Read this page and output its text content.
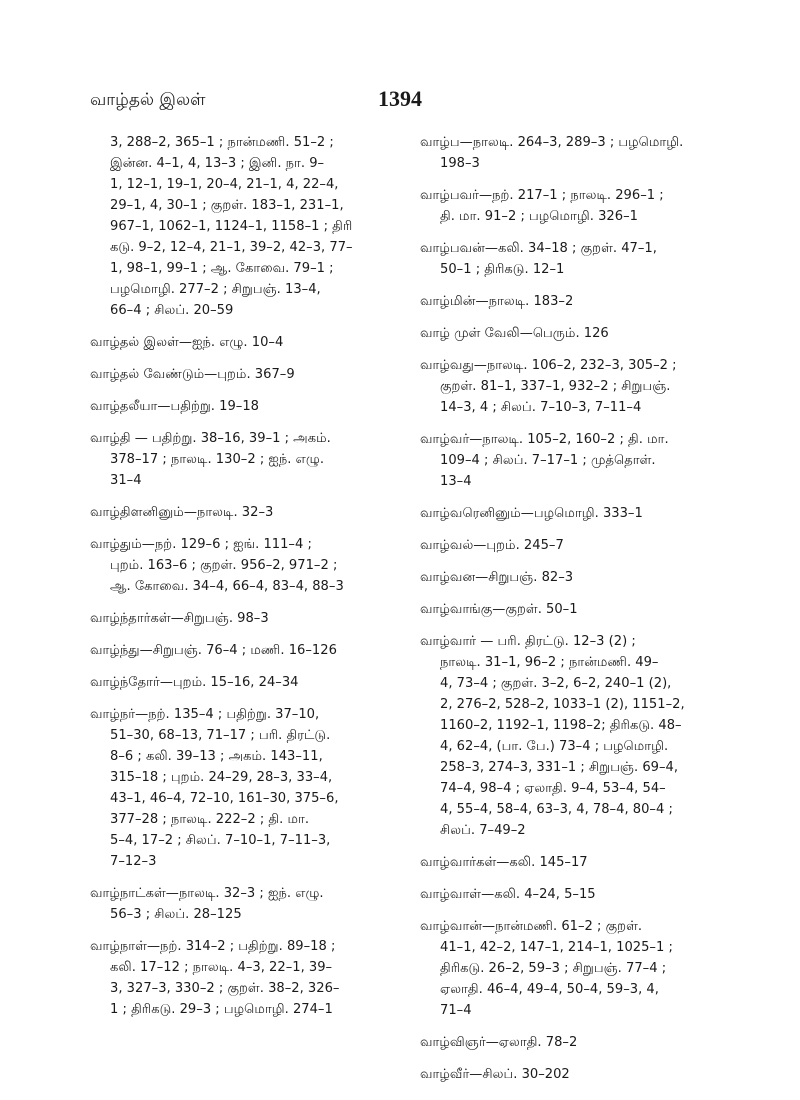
வாழ்தல் இலள்	1394
3, 288–2, 365–1 ; நான்மணி. 51–2 ;
இன்ன. 4–1, 4, 13–3 ; இனி. நா. 9–
1, 12–1, 19–1, 20–4, 21–1, 4, 22–4,
29–1, 4, 30–1 ; குறள். 183–1, 231–1,
967–1, 1062–1, 1124–1, 1158–1 ; திரி
கடு. 9–2, 12–4, 21–1, 39–2, 42–3, 77–
1, 98–1, 99–1 ; ஆ. கோவை. 79–1 ;
பழமொழி. 277–2 ; சிறுபஞ். 13–4,
66–4 ; சிலப். 20–59
வாழ்தல் இலள்—ஐந். எழு. 10–4
வாழ்தல் வேண்டும்—புறம். 367–9
வாழ்தலீயா—பதிற்று. 19–18
வாழ்தி — பதிற்று. 38–16, 39–1 ; அகம்.
378–17 ; நாலடி. 130–2 ; ஐந். எழு.
31–4
வாழ்திளனினும்—நாலடி. 32–3
வாழ்தும்—நற். 129–6 ; ஐங். 111–4 ;
புறம். 163–6 ; குறள். 956–2, 971–2 ;
ஆ. கோவை. 34–4, 66–4, 83–4, 88–3
வாழ்ந்தார்கள்—சிறுபஞ். 98–3
வாழ்ந்து—சிறுபஞ். 76–4 ; மணி. 16–126
வாழ்ந்தோர்—புறம். 15–16, 24–34
வாழ்நர்—நற். 135–4 ; பதிற்று. 37–10,
51–30, 68–13, 71–17 ; பரி. திரட்டு.
8–6 ; கலி. 39–13 ; அகம். 143–11,
315–18 ; புறம். 24–29, 28–3, 33–4,
43–1, 46–4, 72–10, 161–30, 375–6,
377–28 ; நாலடி. 222–2 ; தி. மா.
5–4, 17–2 ; சிலப். 7–10–1, 7–11–3,
7–12–3
வாழ்நாட்கள்—நாலடி. 32–3 ; ஐந். எழு.
56–3 ; சிலப். 28–125
வாழ்நாள்—நற். 314–2 ; பதிற்று. 89–18 ;
கலி. 17–12 ; நாலடி. 4–3, 22–1, 39–
3, 327–3, 330–2 ; குறள். 38–2, 326–
1 ; திரிகடு. 29–3 ; பழமொழி. 274–1
வாழ்ப—நாலடி. 264–3, 289–3 ; பழமொழி.
198–3
வாழ்பவர்—நற். 217–1 ; நாலடி. 296–1 ;
தி. மா. 91–2 ; பழமொழி. 326–1
வாழ்பவன்—கலி. 34–18 ; குறள். 47–1,
50–1 ; திரிகடு. 12–1
வாழ்மின்—நாலடி. 183–2
வாழ் முள் வேலி—பெரும். 126
வாழ்வது—நாலடி. 106–2, 232–3, 305–2 ;
குறள். 81–1, 337–1, 932–2 ; சிறுபஞ்.
14–3, 4 ; சிலப். 7–10–3, 7–11–4
வாழ்வர்—நாலடி. 105–2, 160–2 ; தி. மா.
109–4 ; சிலப். 7–17–1 ; முத்தொள்.
13–4
வாழ்வரெனினும்—பழமொழி. 333–1
வாழ்வல்—புறம். 245–7
வாழ்வன—சிறுபஞ். 82–3
வாழ்வாங்கு—குறள். 50–1
வாழ்வார் — பரி. திரட்டு. 12–3 (2) ;
நாலடி. 31–1, 96–2 ; நான்மணி. 49–
4, 73–4 ; குறள். 3–2, 6–2, 240–1 (2),
2, 276–2, 528–2, 1033–1 (2), 1151–2,
1160–2, 1192–1, 1198–2; திரிகடு. 48–
4, 62–4, (பா. பே.) 73–4 ; பழமொழி.
258–3, 274–3, 331–1 ; சிறுபஞ். 69–4,
74–4, 98–4 ; ஏலாதி. 9–4, 53–4, 54–
4, 55–4, 58–4, 63–3, 4, 78–4, 80–4 ;
சிலப். 7–49–2
வாழ்வார்கள்—கலி. 145–17
வாழ்வாள்—கலி. 4–24, 5–15
வாழ்வான்—நான்மணி. 61–2 ; குறள்.
41–1, 42–2, 147–1, 214–1, 1025–1 ;
திரிகடு. 26–2, 59–3 ; சிறுபஞ். 77–4 ;
ஏலாதி. 46–4, 49–4, 50–4, 59–3, 4,
71–4
வாழ்விஞர்—ஏலாதி. 78–2
வாழ்வீர்—சிலப். 30–202
